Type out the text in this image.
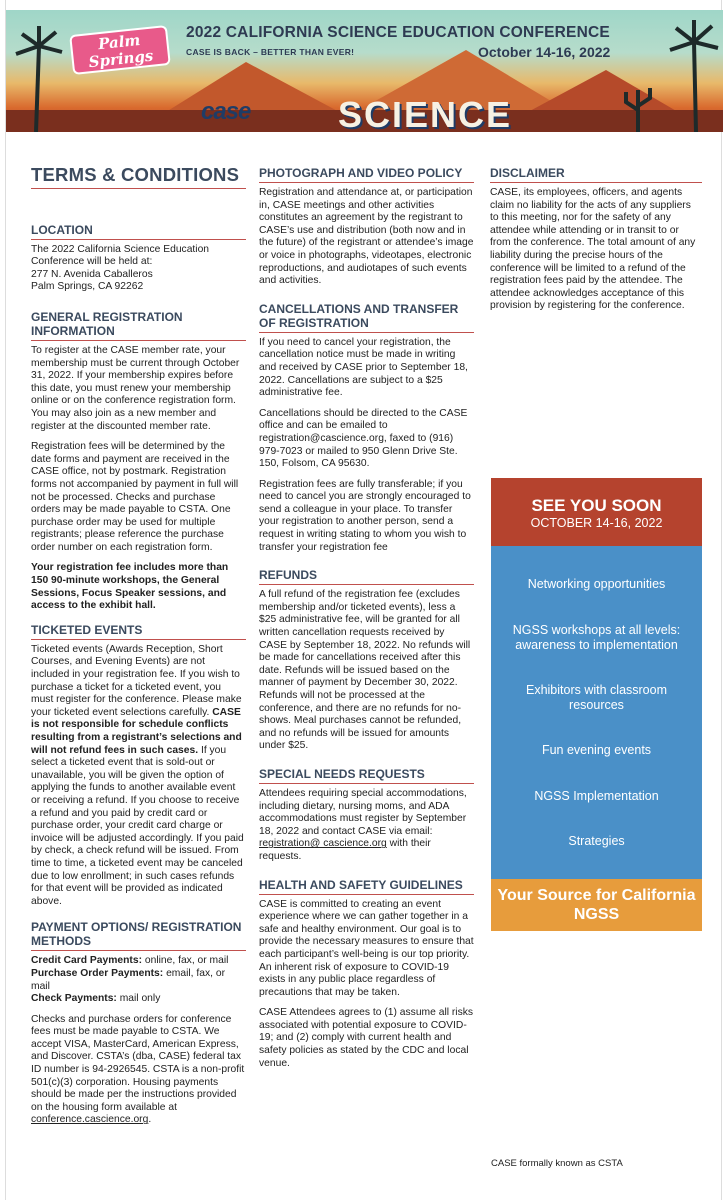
Palm
Springs
2022 CALIFORNIA SCIENCE EDUCATION CONFERENCE
CASE IS BACK – BETTER THAN EVER!	October 14-16, 2022
case SCIENCE
TERMS & CONDITIONS
LOCATION

The 2022 California Science Education Conference will be held at:
277 N. Avenida Caballeros
Palm Springs, CA 92262

GENERAL REGISTRATION INFORMATION

To register at the CASE member rate, your membership must be current through October 31, 2022. If your membership expires before this date, you must renew your membership online or on the conference registration form. You may also join as a new member and register at the discounted member rate.

Registration fees will be determined by the date forms and payment are received in the CASE office, not by postmark. Registration forms not accompanied by payment in full will not be processed. Checks and purchase orders may be made payable to CSTA. One purchase order may be used for multiple registrants; please reference the purchase order number on each registration form.

Your registration fee includes more than 150 90-minute workshops, the General Sessions, Focus Speaker sessions, and access to the exhibit hall.

TICKETED EVENTS

Ticketed events (Awards Reception, Short Courses, and Evening Events) are not included in your registration fee. If you wish to purchase a ticket for a ticketed event, you must register for the conference. Please make your ticketed event selections carefully. CASE is not responsible for schedule conflicts resulting from a registrant’s selections and will not refund fees in such cases. If you select a ticketed event that is sold-out or unavailable, you will be given the option of applying the funds to another available event or receiving a refund. If you choose to receive a refund and you paid by credit card or purchase order, your credit card charge or invoice will be adjusted accordingly. If you paid by check, a check refund will be issued. From time to time, a ticketed event may be canceled due to low enrollment; in such cases refunds for that event will be provided as indicated above.

PAYMENT OPTIONS/ REGISTRATION METHODS

Credit Card Payments: online, fax, or mail
Purchase Order Payments: email, fax, or mail
Check Payments: mail only

Checks and purchase orders for conference fees must be made payable to CSTA. We accept VISA, MasterCard, American Express, and Discover. CSTA’s (dba, CASE) federal tax ID number is 94-2926545. CSTA is a non-profit 501(c)(3) corporation. Housing payments should be made per the instructions provided on the housing form available at conference.cascience.org.

PHOTOGRAPH AND VIDEO POLICY

Registration and attendance at, or participation in, CASE meetings and other activities constitutes an agreement by the registrant to CASE’s use and distribution (both now and in the future) of the registrant or attendee’s image or voice in photographs, videotapes, electronic reproductions, and audiotapes of such events and activities.

CANCELLATIONS AND TRANSFER OF REGISTRATION

If you need to cancel your registration, the cancellation notice must be made in writing and received by CASE prior to September 18, 2022. Cancellations are subject to a $25 administrative fee.

Cancellations should be directed to the CASE office and can be emailed to registration@cascience.org, faxed to (916) 979-7023 or mailed to 950 Glenn Drive Ste. 150, Folsom, CA 95630.

Registration fees are fully transferable; if you need to cancel you are strongly encouraged to send a colleague in your place. To transfer your registration to another person, send a request in writing stating to whom you wish to transfer your registration fee

REFUNDS

A full refund of the registration fee (excludes membership and/or ticketed events), less a $25 administrative fee, will be granted for all written cancellation requests received by CASE by September 18, 2022. No refunds will be made for cancellations received after this date. Refunds will be issued based on the manner of payment by December 30, 2022. Refunds will not be processed at the conference, and there are no refunds for no-shows. Meal purchases cannot be refunded, and no refunds will be issued for amounts under $25.

SPECIAL NEEDS REQUESTS

Attendees requiring special accommodations, including dietary, nursing moms, and ADA accommodations must register by September 18, 2022 and contact CASE via email: registration@ cascience.org with their requests.

HEALTH AND SAFETY GUIDELINES

CASE is committed to creating an event experience where we can gather together in a safe and healthy environment. Our goal is to provide the necessary measures to ensure that each participant’s well-being is our top priority. An inherent risk of exposure to COVID-19 exists in any public place regardless of precautions that may be taken.

CASE Attendees agrees to (1) assume all risks associated with potential exposure to COVID-19; and (2) comply with current health and safety policies as stated by the CDC and local venue.

DISCLAIMER

CASE, its employees, officers, and agents claim no liability for the acts of any suppliers to this meeting, nor for the safety of any attendee while attending or in transit to or from the conference. The total amount of any liability during the precise hours of the conference will be limited to a refund of the registration fees paid by the attendee. The attendee acknowledges acceptance of this provision by registering for the conference.

SEE YOU SOON
OCTOBER 14-16, 2022
Networking opportunities
NGSS workshops at all levels: awareness to implementation
Exhibitors with classroom resources
Fun evening events
NGSS Implementation
Strategies
Your Source for California NGSS
CASE formally known as CSTA
